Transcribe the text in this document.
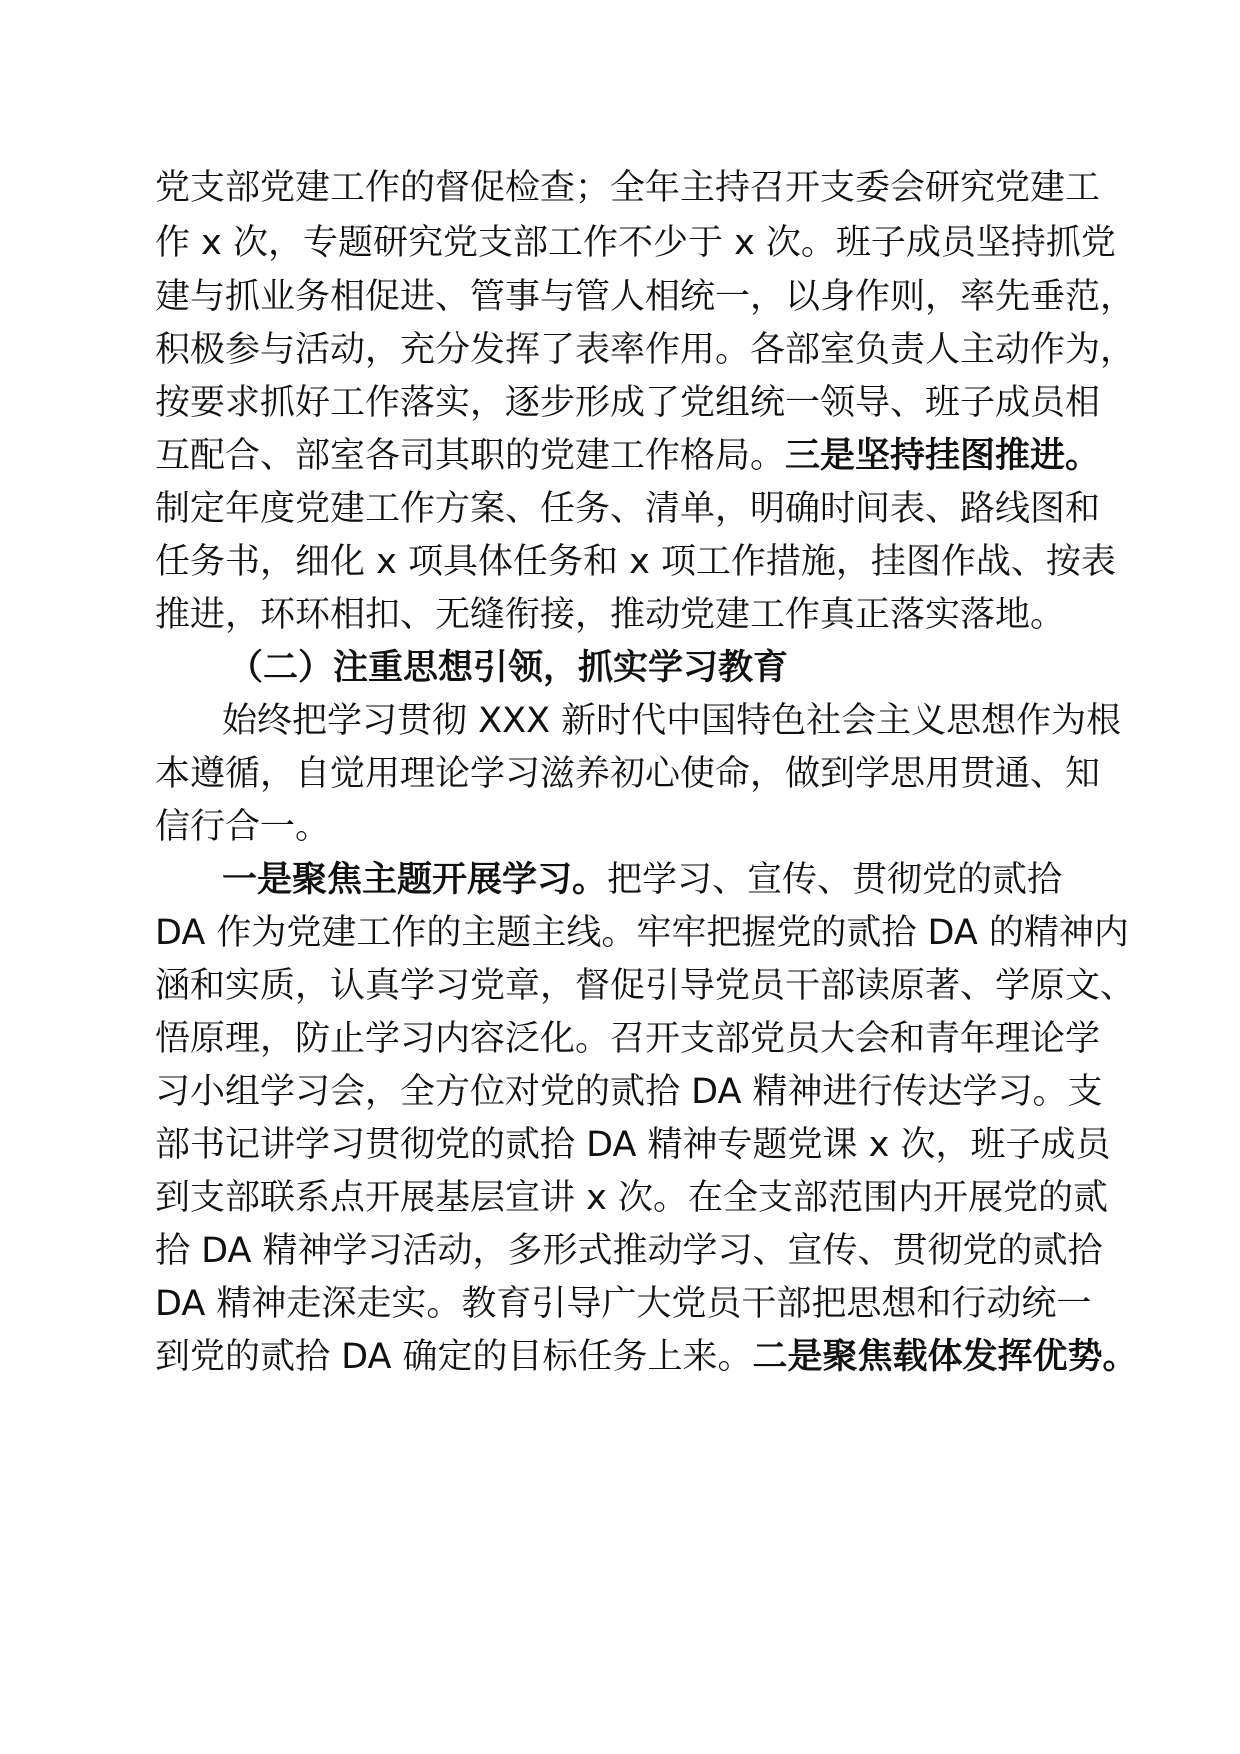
党支部党建工作的督促检查；全年主持召开支委会研究党建工
作 x 次，专题研究党支部工作不少于 x 次。班子成员坚持抓党
建与抓业务相促进、管事与管人相统一，以身作则，率先垂范，
积极参与活动，充分发挥了表率作用。各部室负责人主动作为，
按要求抓好工作落实，逐步形成了党组统一领导、班子成员相
互配合、部室各司其职的党建工作格局。三是坚持挂图推进。
制定年度党建工作方案、任务、清单，明确时间表、路线图和
任务书，细化 x 项具体任务和 x 项工作措施，挂图作战、按表
推进，环环相扣、无缝衔接，推动党建工作真正落实落地。
（二）注重思想引领，抓实学习教育
始终把学习贯彻 XXX 新时代中国特色社会主义思想作为根
本遵循，自觉用理论学习滋养初心使命，做到学思用贯通、知
信行合一。
一是聚焦主题开展学习。把学习、宣传、贯彻党的贰拾
DA 作为党建工作的主题主线。牢牢把握党的贰拾 DA 的精神内
涵和实质，认真学习党章，督促引导党员干部读原著、学原文、
悟原理，防止学习内容泛化。召开支部党员大会和青年理论学
习小组学习会，全方位对党的贰拾 DA 精神进行传达学习。支
部书记讲学习贯彻党的贰拾 DA 精神专题党课 x 次，班子成员
到支部联系点开展基层宣讲 x 次。在全支部范围内开展党的贰
拾 DA 精神学习活动，多形式推动学习、宣传、贯彻党的贰拾
DA 精神走深走实。教育引导广大党员干部把思想和行动统一
到党的贰拾 DA 确定的目标任务上来。二是聚焦载体发挥优势。
